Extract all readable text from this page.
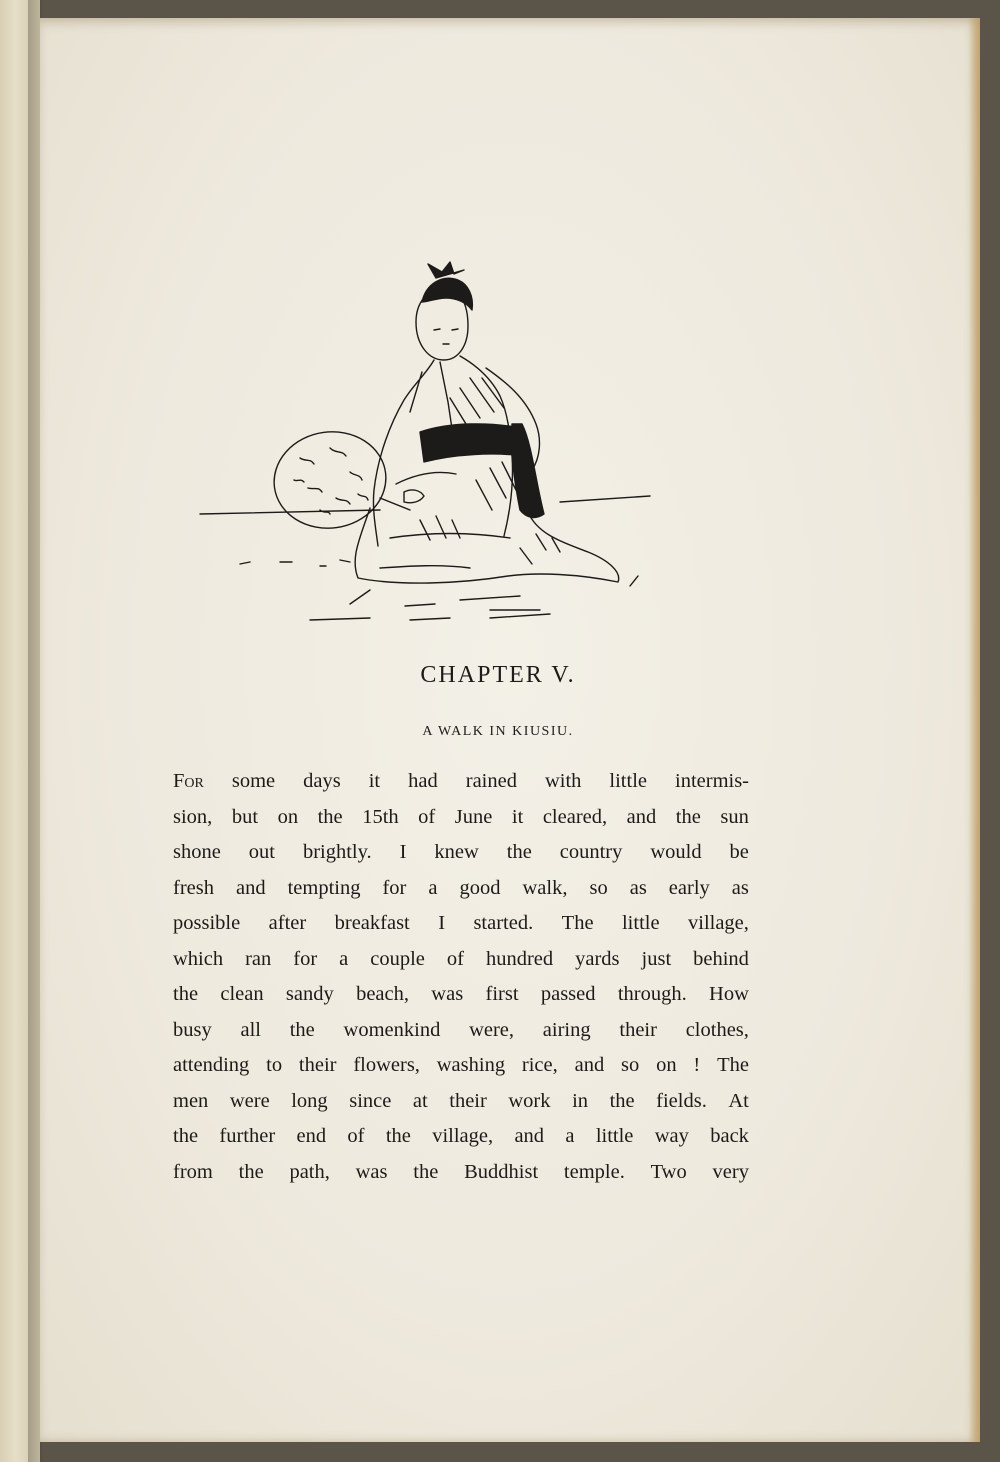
CHAPTER V.
A WALK IN KIUSIU.
For some days it had rained with little intermis-
sion, but on the 15th of June it cleared, and the sun
shone out brightly. I knew the country would be
fresh and tempting for a good walk, so as early as
possible after breakfast I started. The little village,
which ran for a couple of hundred yards just behind
the clean sandy beach, was first passed through. How
busy all the womenkind were, airing their clothes,
attending to their flowers, washing rice, and so on ! The
men were long since at their work in the fields. At
the further end of the village, and a little way back
from the path, was the Buddhist temple. Two very
